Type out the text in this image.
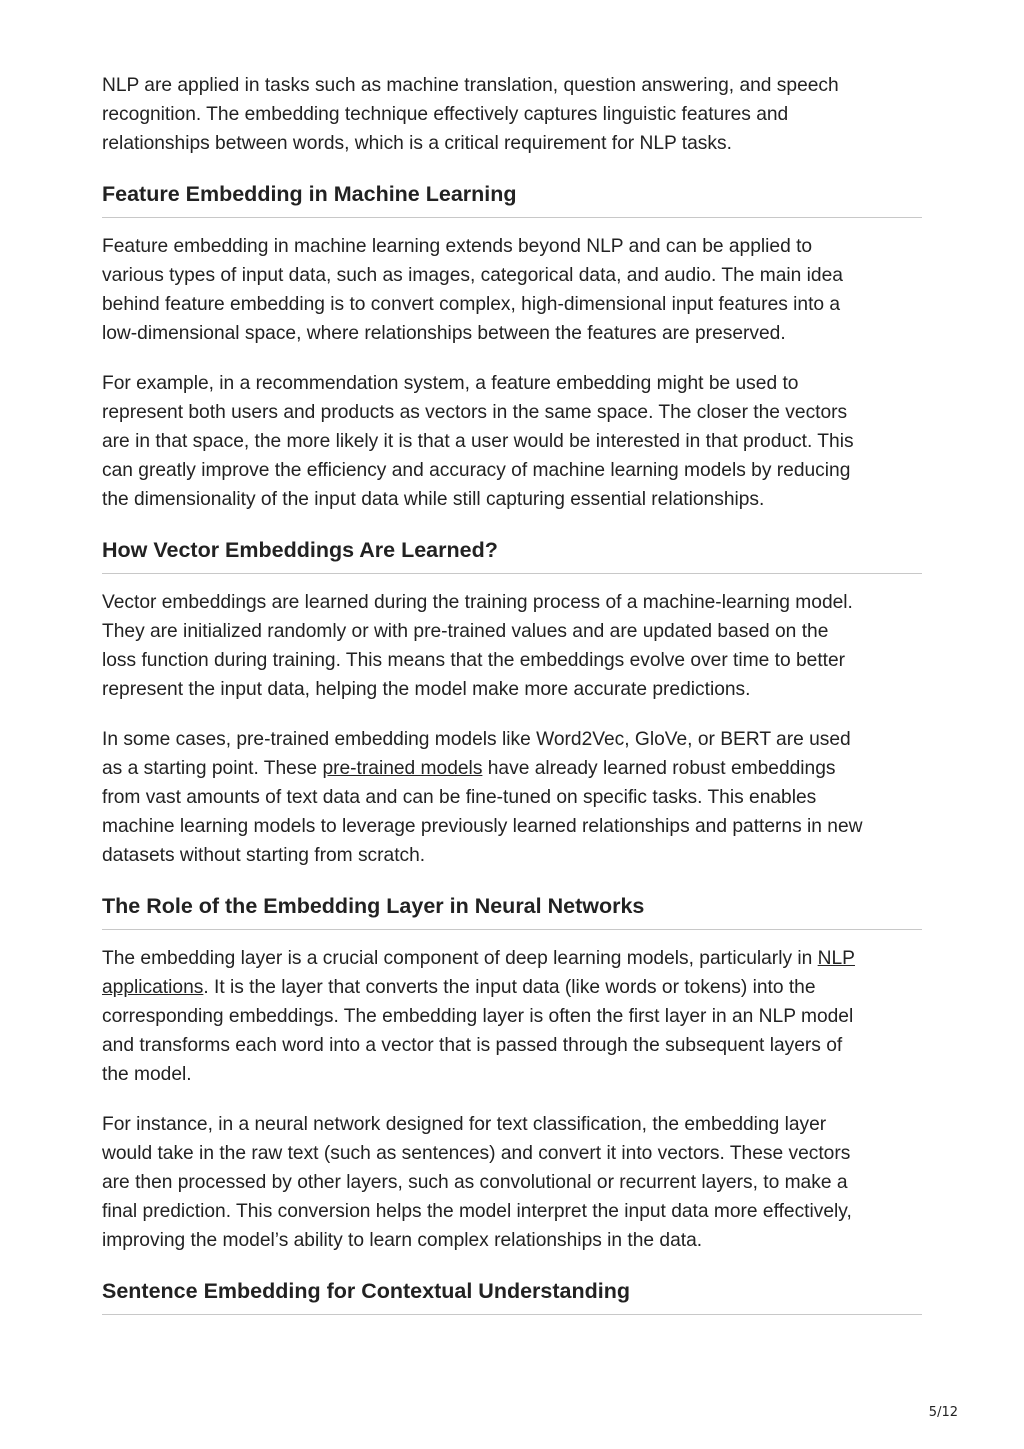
NLP are applied in tasks such as machine translation, question answering, and speech
recognition. The embedding technique effectively captures linguistic features and
relationships between words, which is a critical requirement for NLP tasks.

Feature Embedding in Machine Learning

Feature embedding in machine learning extends beyond NLP and can be applied to
various types of input data, such as images, categorical data, and audio. The main idea
behind feature embedding is to convert complex, high-dimensional input features into a
low-dimensional space, where relationships between the features are preserved.

For example, in a recommendation system, a feature embedding might be used to
represent both users and products as vectors in the same space. The closer the vectors
are in that space, the more likely it is that a user would be interested in that product. This
can greatly improve the efficiency and accuracy of machine learning models by reducing
the dimensionality of the input data while still capturing essential relationships.

How Vector Embeddings Are Learned?

Vector embeddings are learned during the training process of a machine-learning model.
They are initialized randomly or with pre-trained values and are updated based on the
loss function during training. This means that the embeddings evolve over time to better
represent the input data, helping the model make more accurate predictions.

In some cases, pre-trained embedding models like Word2Vec, GloVe, or BERT are used
as a starting point. These pre-trained models have already learned robust embeddings
from vast amounts of text data and can be fine-tuned on specific tasks. This enables
machine learning models to leverage previously learned relationships and patterns in new
datasets without starting from scratch.

The Role of the Embedding Layer in Neural Networks

The embedding layer is a crucial component of deep learning models, particularly in NLP
applications. It is the layer that converts the input data (like words or tokens) into the
corresponding embeddings. The embedding layer is often the first layer in an NLP model
and transforms each word into a vector that is passed through the subsequent layers of
the model.

For instance, in a neural network designed for text classification, the embedding layer
would take in the raw text (such as sentences) and convert it into vectors. These vectors
are then processed by other layers, such as convolutional or recurrent layers, to make a
final prediction. This conversion helps the model interpret the input data more effectively,
improving the model’s ability to learn complex relationships in the data.

Sentence Embedding for Contextual Understanding
5/12
